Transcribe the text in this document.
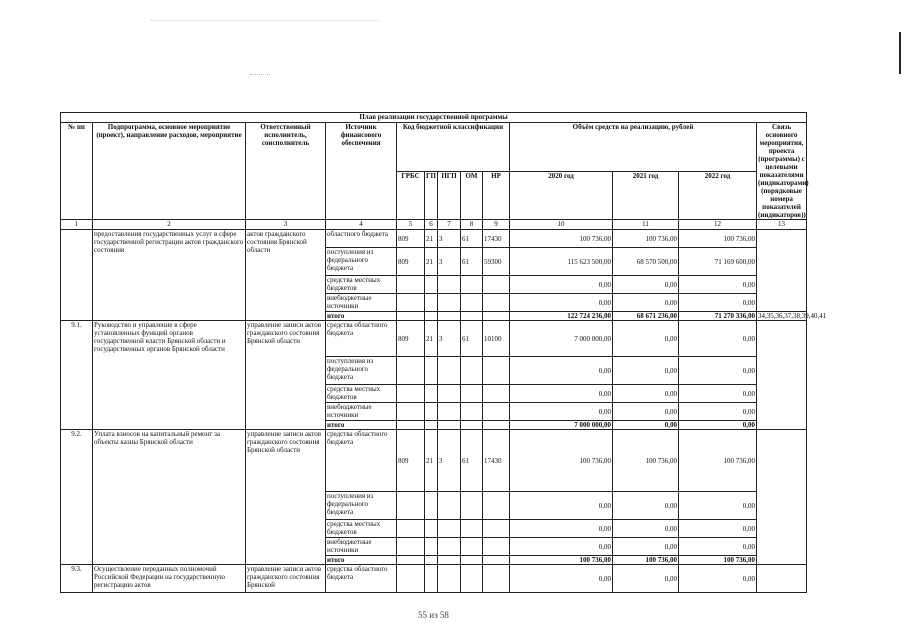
Плав реализации государственной программы												
№ пп	Подпрограмма, основное мероприятие (проект), направление расходов, мероприятие	Ответственный исполнитель, соисполнитель	Источник финансового обеспечения	Код бюджетной классификации					Объём средств на реализацию, рублей			Связь основного мероприятия, проекта (программы) с целевыми показателями (индикаторами) (порядковые номера показателей (индикаторов))
				ГРБС	ГП	ПГП	ОМ	НР	2020 год	2021 год	2022 год	
1	2	3	4	5	6	7	8	9	10	11	12	13
	предоставления государственных услуг в сфере государственной регистрации актов гражданского состояния	актов гражданского состояния Брянской области	областного бюджета	809	21	3	61	17430	100 736,00	100 736,00	100 736,00	
			поступления из федерального бюджета	809	21	3	61	59300	115 623 500,00	68 570 500,00	71 169 600,00	
			средства местных бюджетов						0,00	0,00	0,00	
			внебюджетные источники						0,00	0,00	0,00	
			итого						122 724 236,00	68 671 236,00	71 270 336,00	34,35,36,37,38,39,40,41
9.1.	Руководство и управление в сфере установленных функций органов государственной власти Брянской области и государственных органов Брянской области	управление записи актов гражданского состояния Брянской области	средства областного бюджета	809	21	3	61	10100	7 000 000,00	0,00	0,00	
			поступления из федерального бюджета						0,00	0,00	0,00	
			средства местных бюджетов						0,00	0,00	0,00	
			внебюджетные источники						0,00	0,00	0,00	
			итого						7 000 000,00	0,00	0,00	
9.2.	Уплата взносов на капитальный ремонт за объекты казны Брянской области	управление записи актов гражданского состояния Брянской области	средства областного бюджета	809	21	3	61	17430	100 736,00	100 736,00	100 736,00	
			поступления из федерального бюджета						0,00	0,00	0,00	
			средства местных бюджетов						0,00	0,00	0,00	
			внебюджетные источники						0,00	0,00	0,00	
			итого						100 736,00	100 736,00	100 736,00	
9.3.	Осуществление переданных полномочий Российской Федерации на государственную регистрацию актов	управление записи актов гражданского состояния Брянской	средства областного бюджета						0,00	0,00	0,00	
55 из 58
